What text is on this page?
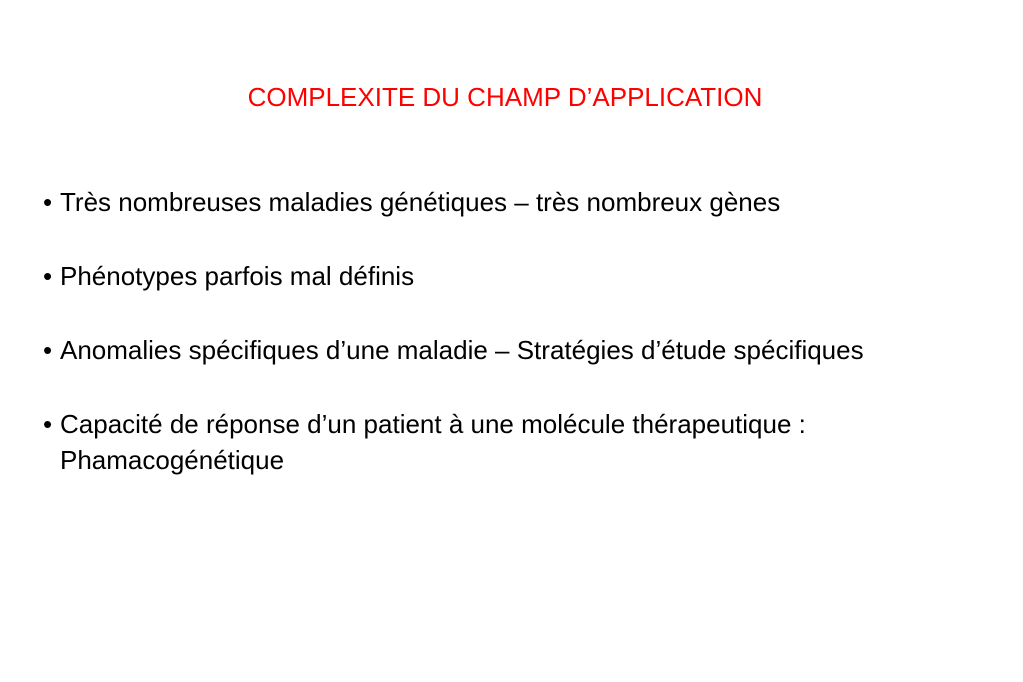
COMPLEXITE DU CHAMP D’APPLICATION
• Très nombreuses maladies génétiques – très nombreux gènes
• Phénotypes parfois mal définis
• Anomalies spécifiques d’une maladie – Stratégies d’étude spécifiques
• Capacité de réponse d’un patient à une molécule thérapeutique :
Phamacogénétique
